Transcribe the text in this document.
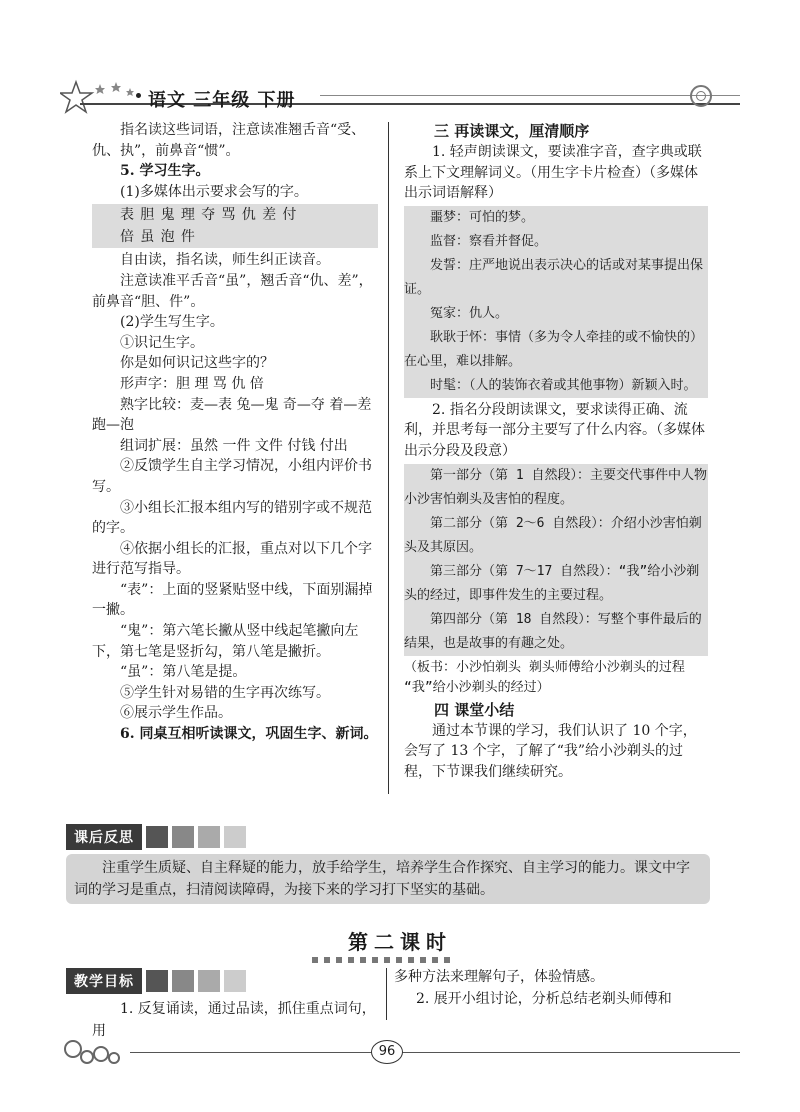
语文 三年级 下册

指名读这些词语，注意读准翘舌音“受、仇、执”，前鼻音“惯”。

5. 学习生字。

(1)多媒体出示要求会写的字。

表胆鬼理夺骂仇差付
倍虽泡件

自由读，指名读，师生纠正读音。

注意读准平舌音“虽”，翘舌音“仇、差”，前鼻音“胆、件”。

(2)学生写生字。

①识记生字。

你是如何识记这些字的？

形声字：胆 理 骂 仇 倍

熟字比较：麦—表 兔—鬼 奇—夺 着—差 跑—泡

组词扩展：虽然 一件 文件 付钱 付出

②反馈学生自主学习情况，小组内评价书写。

③小组长汇报本组内写的错别字或不规范的字。

④依据小组长的汇报，重点对以下几个字进行范写指导。

“表”：上面的竖紧贴竖中线，下面别漏掉一撇。

“鬼”：第六笔长撇从竖中线起笔撇向左下，第七笔是竖折勾，第八笔是撇折。

“虽”：第八笔是提。

⑤学生针对易错的生字再次练写。

⑥展示学生作品。

6. 同桌互相听读课文，巩固生字、新词。

三 再读课文，厘清顺序

1. 轻声朗读课文，要读准字音，查字典或联系上下文理解词义。（用生字卡片检查）（多媒体出示词语解释）

噩梦：可怕的梦。

监督：察看并督促。

发誓：庄严地说出表示决心的话或对某事提出保证。

冤家：仇人。

耿耿于怀：事情（多为令人牵挂的或不愉快的）在心里，难以排解。

时髦：（人的装饰衣着或其他事物）新颖入时。

2. 指名分段朗读课文，要求读得正确、流利，并思考每一部分主要写了什么内容。（多媒体出示分段及段意）

第一部分（第 1 自然段）：主要交代事件中人物小沙害怕剃头及害怕的程度。

第二部分（第 2～6 自然段）：介绍小沙害怕剃头及其原因。

第三部分（第 7～17 自然段）：“我”给小沙剃头的经过，即事件发生的主要过程。

第四部分（第 18 自然段）：写整个事件最后的结果，也是故事的有趣之处。

（板书：小沙怕剃头 剃头师傅给小沙剃头的过程 “我”给小沙剃头的经过）

四 课堂小结

通过本节课的学习，我们认识了 10 个字，会写了 13 个字，了解了“我”给小沙剃头的过程，下节课我们继续研究。

课后反思
注重学生质疑、自主释疑的能力，放手给学生，培养学生合作探究、自主学习的能力。课文中字词的学习是重点，扫清阅读障碍，为接下来的学习打下坚实的基础。
第二课时
教学目标

1. 反复诵读，通过品读，抓住重点词句，用

多种方法来理解句子，体验情感。

2. 展开小组讨论，分析总结老剃头师傅和

96
